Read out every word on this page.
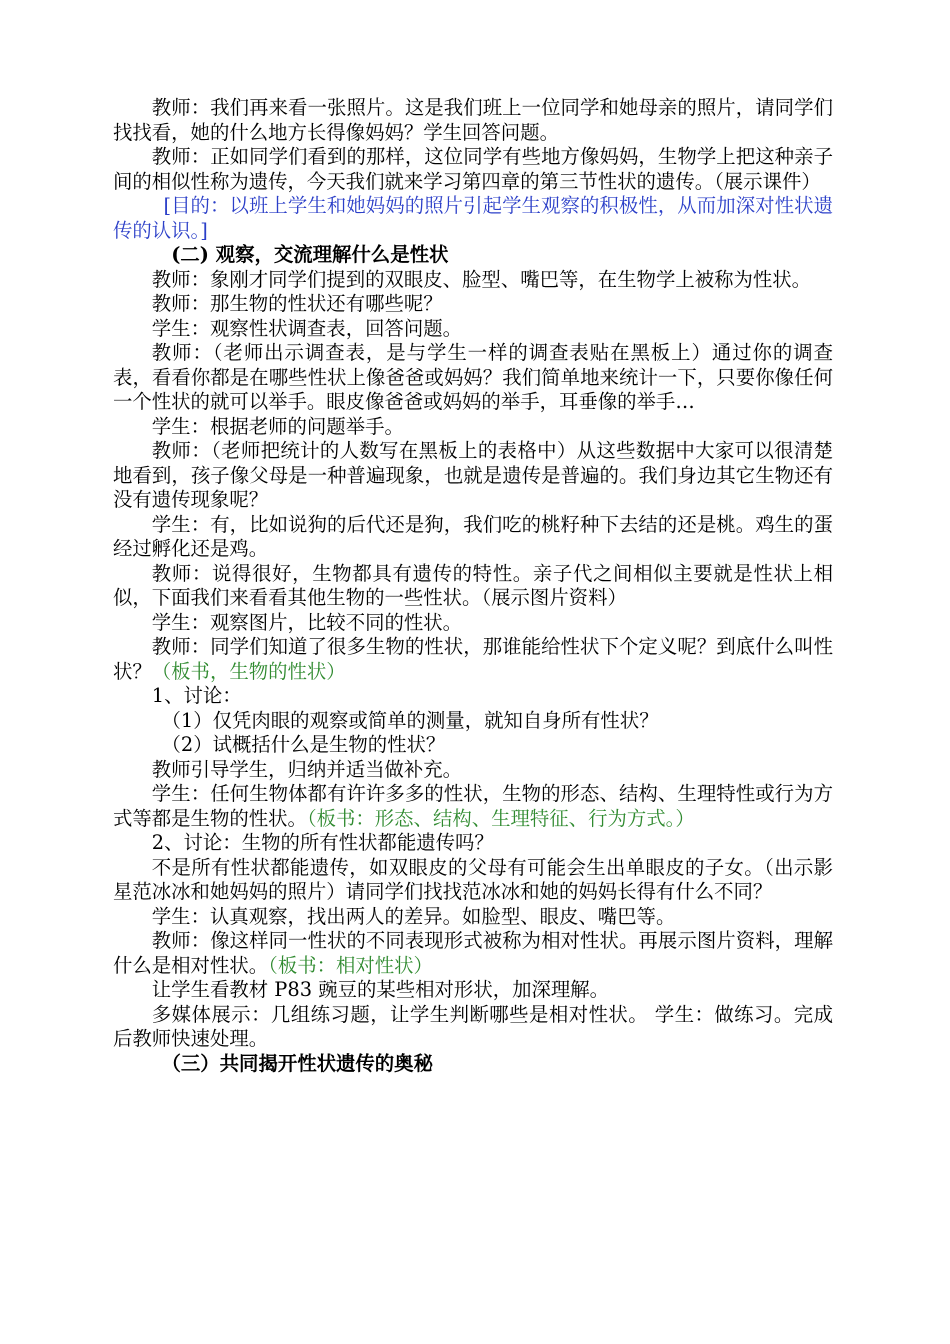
教师：我们再来看一张照片。这是我们班上一位同学和她母亲的照片，请同学们找找看，她的什么地方长得像妈妈？学生回答问题。

教师：正如同学们看到的那样，这位同学有些地方像妈妈，生物学上把这种亲子间的相似性称为遗传，今天我们就来学习第四章的第三节性状的遗传。（展示课件）

[目的：以班上学生和她妈妈的照片引起学生观察的积极性，从而加深对性状遗传的认识。]

(二) 观察，交流理解什么是性状

教师：象刚才同学们提到的双眼皮、脸型、嘴巴等，在生物学上被称为性状。

教师：那生物的性状还有哪些呢？

学生：观察性状调查表，回答问题。

教师：（老师出示调查表，是与学生一样的调查表贴在黑板上）通过你的调查表，看看你都是在哪些性状上像爸爸或妈妈？我们简单地来统计一下，只要你像任何一个性状的就可以举手。眼皮像爸爸或妈妈的举手，耳垂像的举手…

学生：根据老师的问题举手。

教师：（老师把统计的人数写在黑板上的表格中）从这些数据中大家可以很清楚地看到，孩子像父母是一种普遍现象，也就是遗传是普遍的。我们身边其它生物还有没有遗传现象呢？

学生：有，比如说狗的后代还是狗，我们吃的桃籽种下去结的还是桃。鸡生的蛋经过孵化还是鸡。

教师：说得很好，生物都具有遗传的特性。亲子代之间相似主要就是性状上相似，下面我们来看看其他生物的一些性状。（展示图片资料）

学生：观察图片，比较不同的性状。

教师：同学们知道了很多生物的性状，那谁能给性状下个定义呢？到底什么叫性状？（板书，生物的性状）

1、讨论：

（1）仅凭肉眼的观察或简单的测量，就知自身所有性状？

（2）试概括什么是生物的性状？

教师引导学生，归纳并适当做补充。

学生：任何生物体都有许许多多的性状，生物的形态、结构、生理特性或行为方式等都是生物的性状。（板书：形态、结构、生理特征、行为方式。）

2、讨论：生物的所有性状都能遗传吗？

不是所有性状都能遗传，如双眼皮的父母有可能会生出单眼皮的子女。（出示影星范冰冰和她妈妈的照片）请同学们找找范冰冰和她的妈妈长得有什么不同？

学生：认真观察，找出两人的差异。如脸型、眼皮、嘴巴等。

教师：像这样同一性状的不同表现形式被称为相对性状。再展示图片资料，理解什么是相对性状。（板书：相对性状）

让学生看教材 P83 豌豆的某些相对形状，加深理解。

多媒体展示：几组练习题，让学生判断哪些是相对性状。 学生：做练习。完成后教师快速处理。

（三）共同揭开性状遗传的奥秘
